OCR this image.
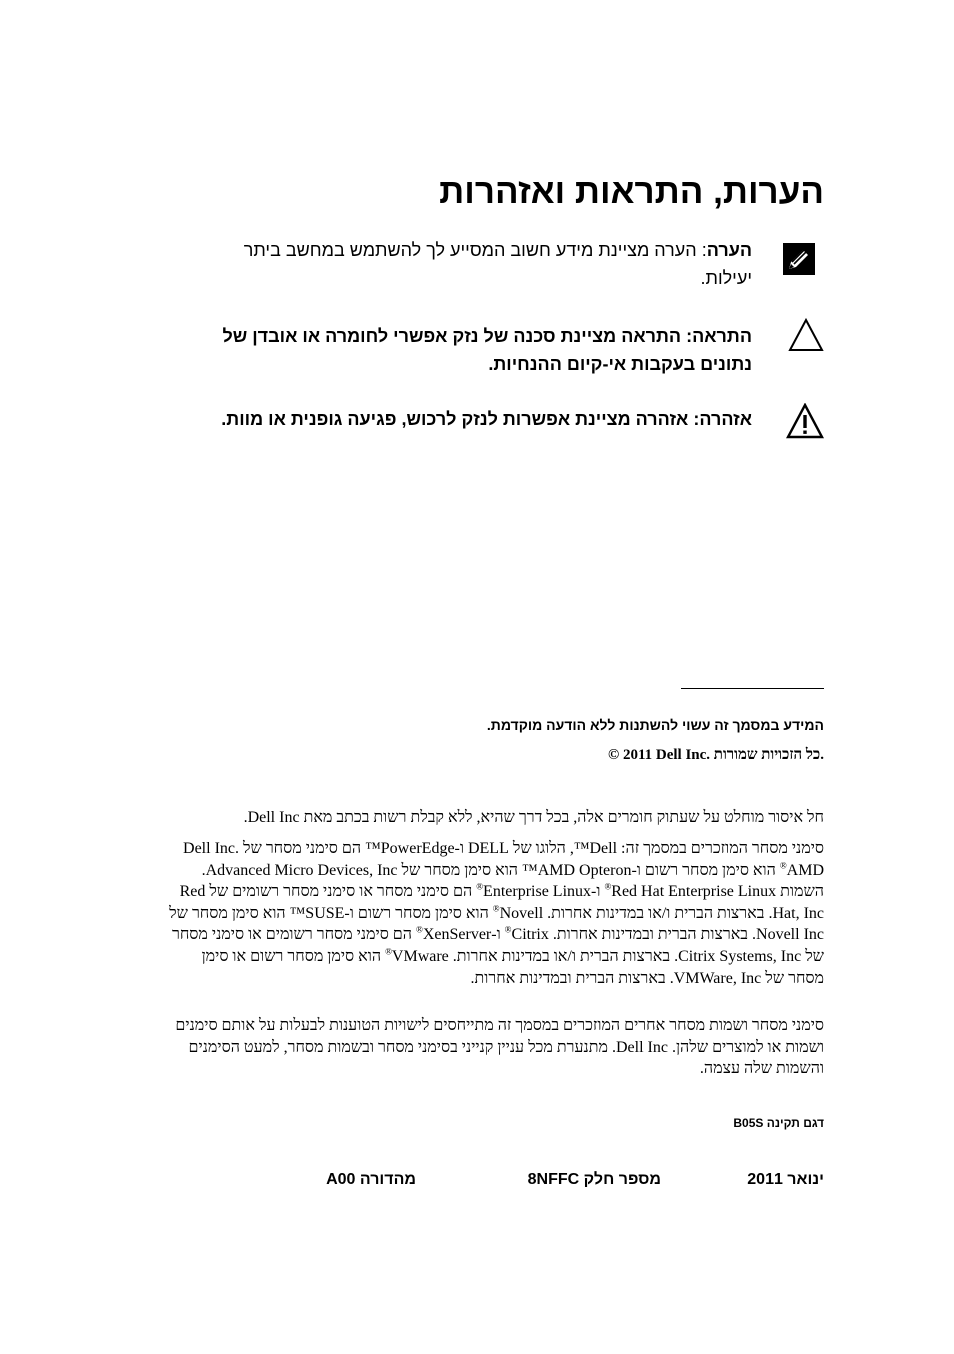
הערות, התראות ואזהרות
הערה: הערה מציינת מידע חשוב המסייע לך להשתמש במחשב ביתר יעילות.
התראה: התראה מציינת סכנה של נזק אפשרי לחומרה או אובדן של נתונים בעקבות אי-קיום ההנחיות.
אזהרה: אזהרה מציינת אפשרות לנזק לרכוש, פגיעה גופנית או מוות.
המידע במסמך זה עשוי להשתנות ללא הודעה מוקדמת.
© 2011 Dell Inc. כל הזכויות שמורות.
חל איסור מוחלט על שעתוק חומרים אלה, בכל דרך שהיא, ללא קבלת רשות בכתב מאת Dell Inc.
סימני מסחר המוזכרים במסמך זה: Dell™, הלוגו של DELL ו-PowerEdge™ הם סימני מסחר של Dell Inc. AMD® הוא סימן מסחר רשום ו-AMD Opteron™ הוא סימן מסחר של Advanced Micro Devices, Inc. השמות Red Hat Enterprise Linux® ו-Enterprise Linux® הם סימני מסחר או סימני מסחר רשומים של Red Hat, Inc. בארצות הברית ו/או במדינות אחרות. Novell® הוא סימן מסחר רשום ו-SUSE™ הוא סימן מסחר של Novell Inc. בארצות הברית ובמדינות אחרות. Citrix® ו-XenServer® הם סימני מסחר רשומים או סימני מסחר של Citrix Systems, Inc. בארצות הברית ו/או במדינות אחרות. VMware® הוא סימן מסחר רשום או סימן מסחר של VMWare, Inc. בארצות הברית ובמדינות אחרות.
סימני מסחר ושמות מסחר אחרים המוזכרים במסמך זה מתייחסים לישויות הטוענות לבעלות על אותם סימנים ושמות או למוצרים שלהן. Dell Inc. מתנערת מכל עניין קנייני בסימני מסחר ובשמות מסחר, למעט הסימנים והשמות שלה עצמה.
דגם תקינה B05S
ינואר 2011
מספר חלק 8NFFC
מהדורה A00
